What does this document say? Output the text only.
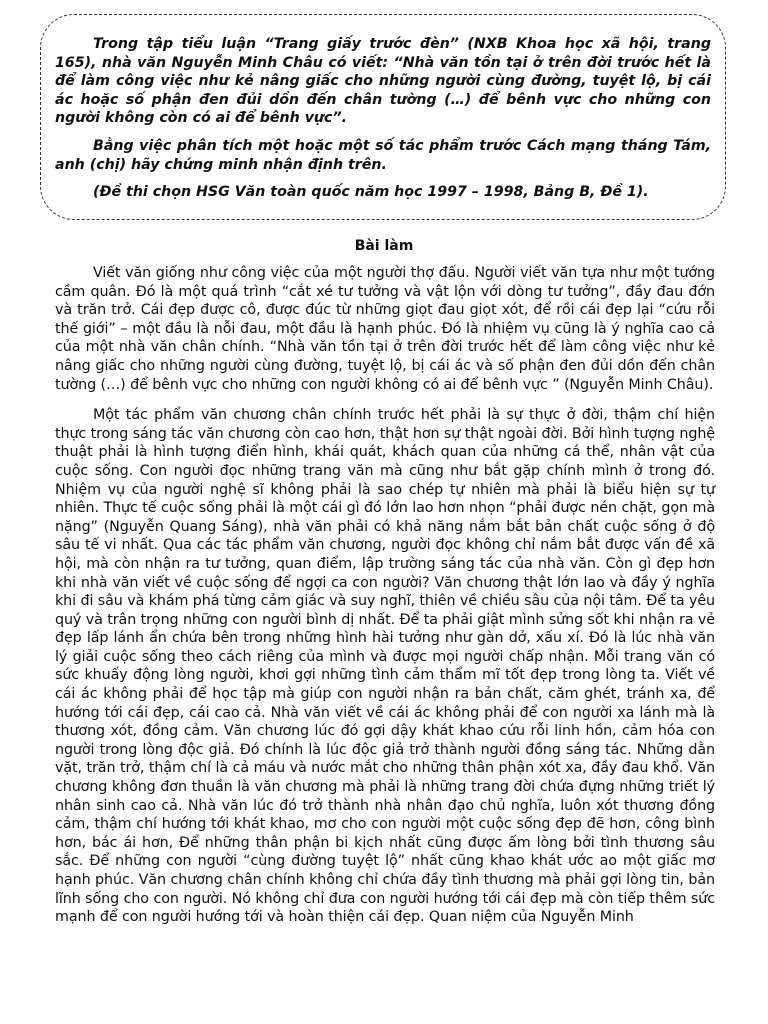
Trong tập tiểu luận “Trang giấy trước đèn” (NXB Khoa học xã hội, trang 165), nhà văn Nguyễn Minh Châu có viết: “Nhà văn tồn tại ở trên đời trước hết là để làm công việc như kẻ nâng giấc cho những người cùng đường, tuyệt lộ, bị cái ác hoặc số phận đen đủi dồn đến chân tường (…) để bênh vực cho những con người không còn có ai để bênh vực”.

Bằng việc phân tích một hoặc một số tác phẩm trước Cách mạng tháng Tám, anh (chị) hãy chứng minh nhận định trên.

(Đề thi chọn HSG Văn toàn quốc năm học 1997 – 1998, Bảng B, Đề 1).

Bài làm

Viết văn giống như công việc của một người thợ đấu. Người viết văn tựa như một tướng cầm quân. Đó là một quá trình “cắt xé tư tưởng và vật lộn với dòng tư tưởng”, đầy đau đớn và trăn trở. Cái đẹp được cô, được đúc từ những giọt đau giọt xót, để rồi cái đẹp lại “cứu rỗi thế giới” – một đầu là nỗi đau, một đầu là hạnh phúc. Đó là nhiệm vụ cũng là ý nghĩa cao cả của một nhà văn chân chính. “Nhà văn tồn tại ở trên đời trước hết để làm công việc như kẻ nâng giấc cho những người cùng đường, tuyệt lộ, bị cái ác và số phận đen đủi dồn đến chân tường (…) để bênh vực cho những con người không có ai để bênh vực ” (Nguyễn Minh Châu).

Một tác phẩm văn chương chân chính trước hết phải là sự thực ở đời, thậm chí hiện thực trong sáng tác văn chương còn cao hơn, thật hơn sự thật ngoài đời. Bởi hình tượng nghệ thuật phải là hình tượng điển hình, khái quát, khách quan của những cá thể, nhân vật của cuộc sống. Con người đọc những trang văn mà cũng như bắt gặp chính mình ở trong đó. Nhiệm vụ của người nghệ sĩ không phải là sao chép tự nhiên mà phải là biểu hiện sự tự nhiên. Thực tế cuộc sống phải là một cái gì đó lớn lao hơn nhọn “phải được nén chặt, gọn mà nặng” (Nguyễn Quang Sáng), nhà văn phải có khả năng nắm bắt bản chất cuộc sống ở độ sâu tế vi nhất. Qua các tác phẩm văn chương, người đọc không chỉ nắm bắt được vấn đề xã hội, mà còn nhận ra tư tưởng, quan điểm, lập trường sáng tác của nhà văn. Còn gì đẹp hơn khi nhà văn viết về cuộc sống để ngợi ca con người? Văn chương thật lớn lao và đầy ý nghĩa khi đi sâu và khám phá từng cảm giác và suy nghĩ, thiên về chiều sâu của nội tâm. Để ta yêu quý và trân trọng những con người bình dị nhất. Để ta phải giật mình sửng sốt khi nhận ra vẻ đẹp lấp lánh ẩn chứa bên trong những hình hài tưởng như gàn dở, xấu xí. Đó là lúc nhà văn lý giải cuộc sống theo cách riêng của mình và được mọi người chấp nhận. Mỗi trang văn có sức khuấy động lòng người, khơi gợi những tình cảm thẩm mĩ tốt đẹp trong lòng ta. Viết về cái ác không phải để học tập mà giúp con người nhận ra bản chất, căm ghét, tránh xa, để hướng tới cái đẹp, cái cao cả. Nhà văn viết về cái ác không phải để con người xa lánh mà là thương xót, đồng cảm. Văn chương lúc đó gợi dậy khát khao cứu rỗi linh hồn, cảm hóa con người trong lòng độc giả. Đó chính là lúc độc giả trở thành người đồng sáng tác. Những dằn vặt, trăn trở, thậm chí là cả máu và nước mắt cho những thân phận xót xa, đầy đau khổ. Văn chương không đơn thuần là văn chương mà phải là những trang đời chứa đựng những triết lý nhân sinh cao cả. Nhà văn lúc đó trở thành nhà nhân đạo chủ nghĩa, luôn xót thương đồng cảm, thậm chí hướng tới khát khao, mơ cho con người một cuộc sống đẹp đẽ hơn, công bình hơn, bác ái hơn, Để những thân phận bi kịch nhất cũng được ấm lòng bởi tình thương sâu sắc. Để những con người “cùng đường tuyệt lộ” nhất cũng khao khát ước ao một giấc mơ hạnh phúc. Văn chương chân chính không chỉ chứa đầy tình thương mà phải gợi lòng tin, bản lĩnh sống cho con người. Nó không chỉ đưa con người hướng tới cái đẹp mà còn tiếp thêm sức mạnh để con người hướng tới và hoàn thiện cái đẹp. Quan niệm của Nguyễn Minh
